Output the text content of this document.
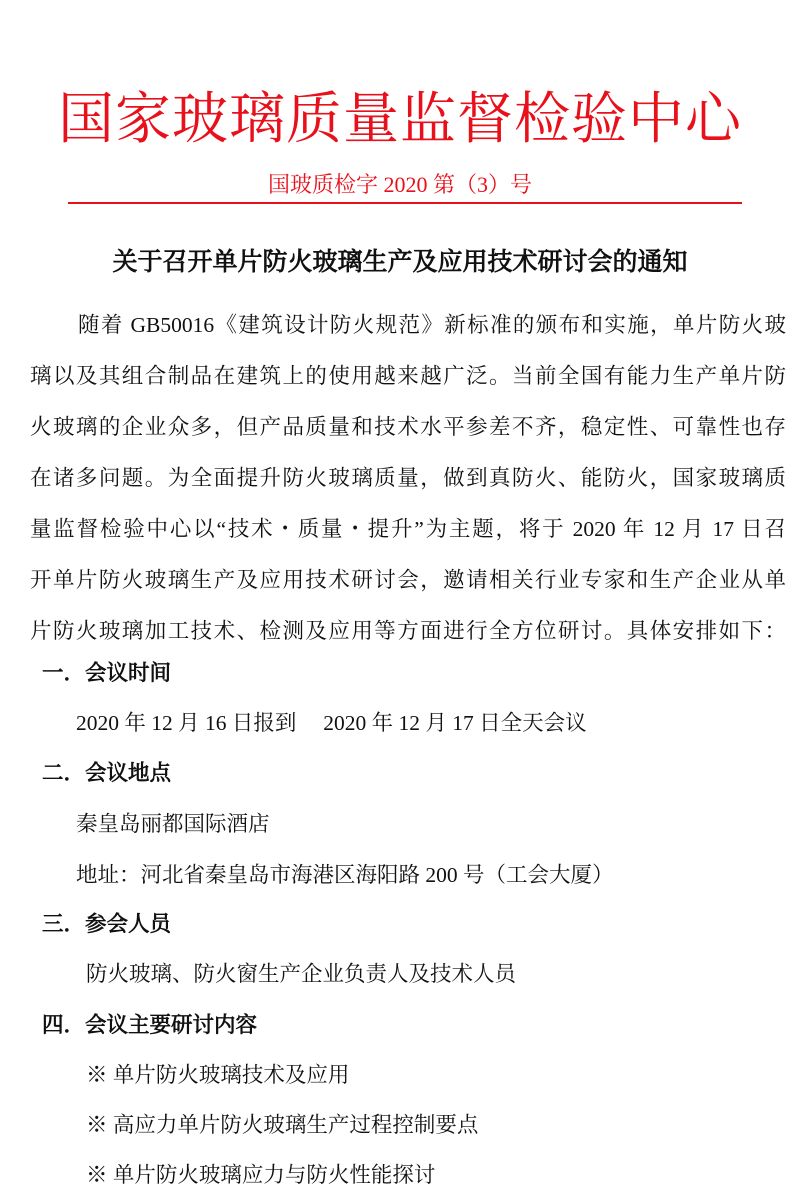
国家玻璃质量监督检验中心
国玻质检字 2020 第（3）号
关于召开单片防火玻璃生产及应用技术研讨会的通知
随着 GB50016《建筑设计防火规范》新标准的颁布和实施，单片防火玻
璃以及其组合制品在建筑上的使用越来越广泛。当前全国有能力生产单片防
火玻璃的企业众多，但产品质量和技术水平参差不齐，稳定性、可靠性也存
在诸多问题。为全面提升防火玻璃质量，做到真防火、能防火，国家玻璃质
量监督检验中心以“技术・质量・提升”为主题，将于 2020 年 12 月 17 日召
开单片防火玻璃生产及应用技术研讨会，邀请相关行业专家和生产企业从单
片防火玻璃加工技术、检测及应用等方面进行全方位研讨。具体安排如下：
一．会议时间
2020 年 12 月 16 日报到　 2020 年 12 月 17 日全天会议
二．会议地点
秦皇岛丽都国际酒店
地址：河北省秦皇岛市海港区海阳路 200 号（工会大厦）
三．参会人员
防火玻璃、防火窗生产企业负责人及技术人员
四．会议主要研讨内容
※ 单片防火玻璃技术及应用
※ 高应力单片防火玻璃生产过程控制要点
※ 单片防火玻璃应力与防火性能探讨
